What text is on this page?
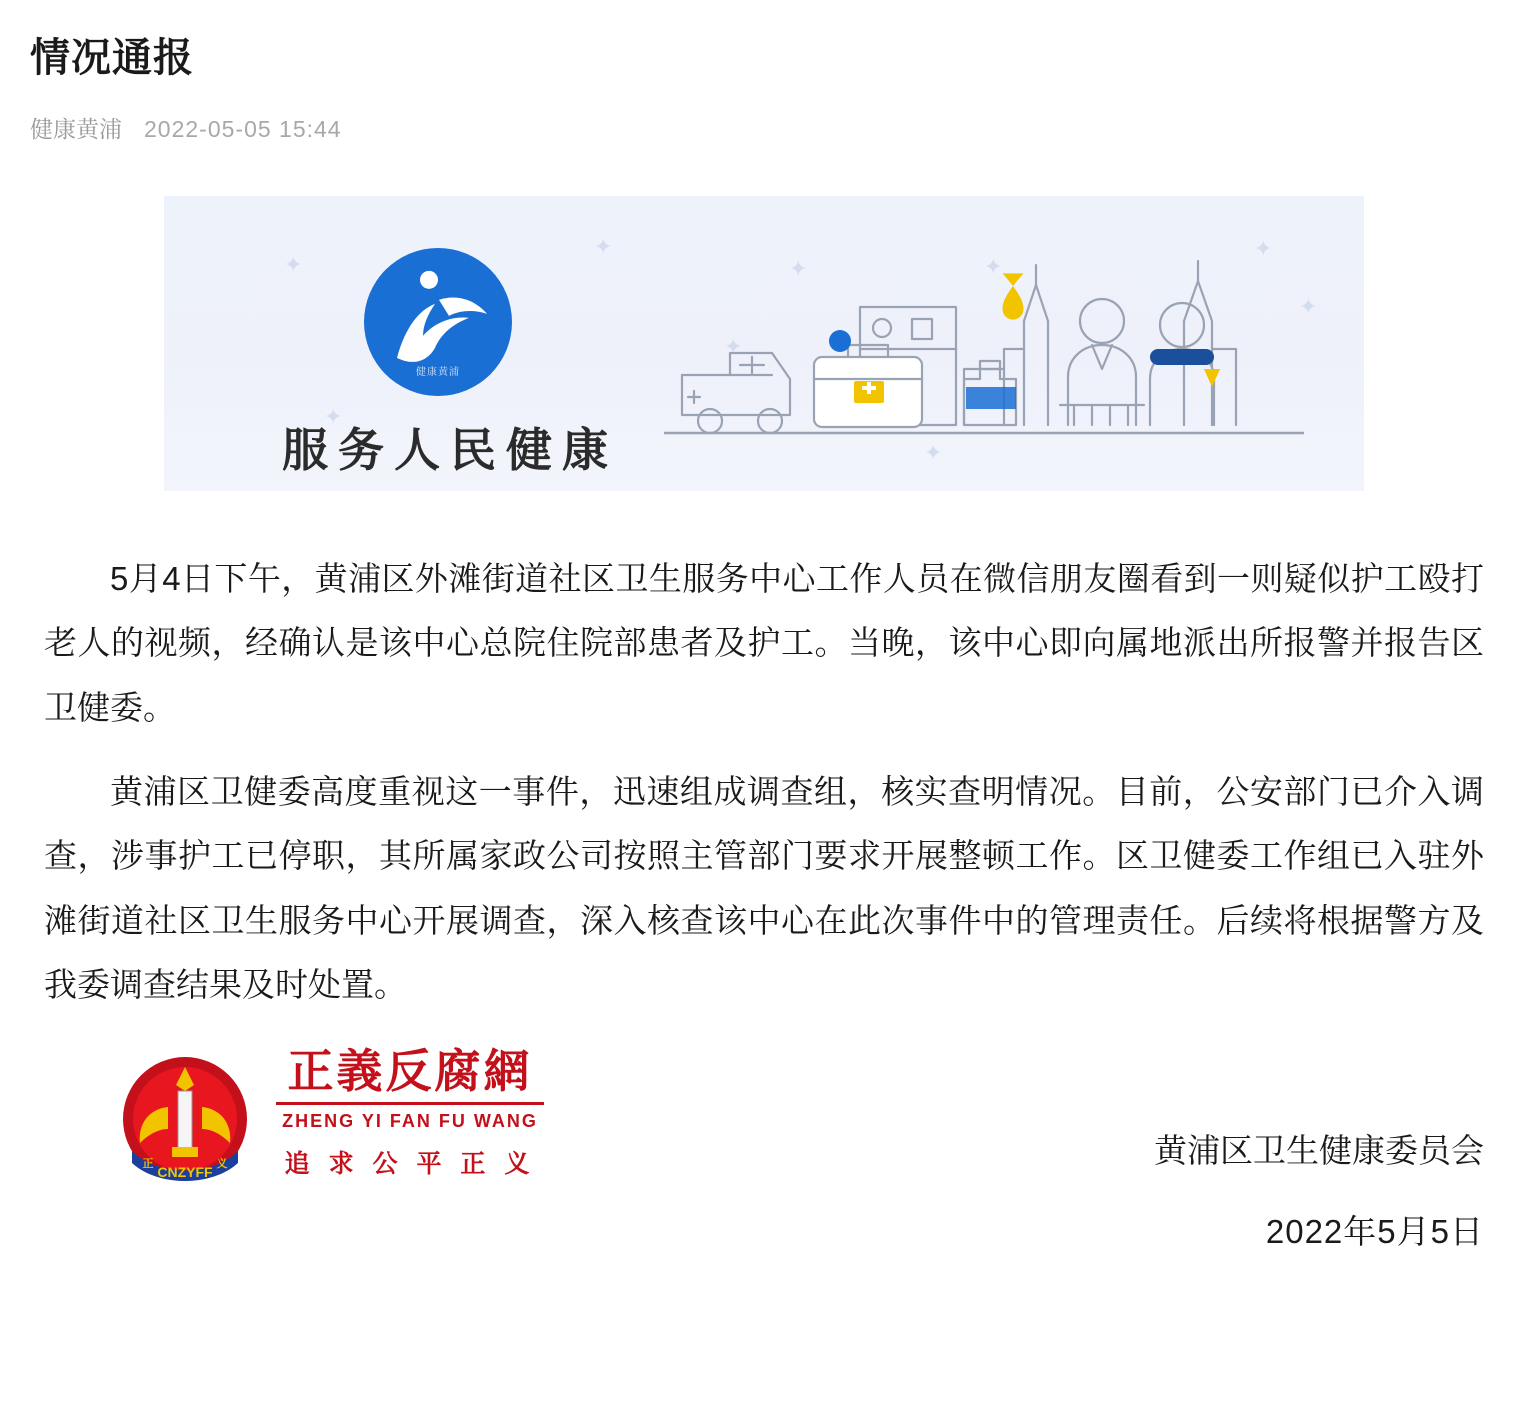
情况通报
健康黄浦 2022-05-05 15:44
✦
✦
✦
✦
✦	✦
✦
✦
✦
健康黄浦
服务人民健康

5月4日下午，黄浦区外滩街道社区卫生服务中心工作人员在微信朋友圈看到一则疑似护工殴打老人的视频，经确认是该中心总院住院部患者及护工。当晚，该中心即向属地派出所报警并报告区卫健委。

黄浦区卫健委高度重视这一事件，迅速组成调查组，核实查明情况。目前，公安部门已介入调查，涉事护工已停职，其所属家政公司按照主管部门要求开展整顿工作。区卫健委工作组已入驻外滩街道社区卫生服务中心开展调查，深入核查该中心在此次事件中的管理责任。后续将根据警方及我委调查结果及时处置。

CNZYFF
正	义
正義反腐網
ZHENG YI FAN FU WANG
追 求 公 平 正 义	黄浦区卫生健康委员会
2022年5月5日
